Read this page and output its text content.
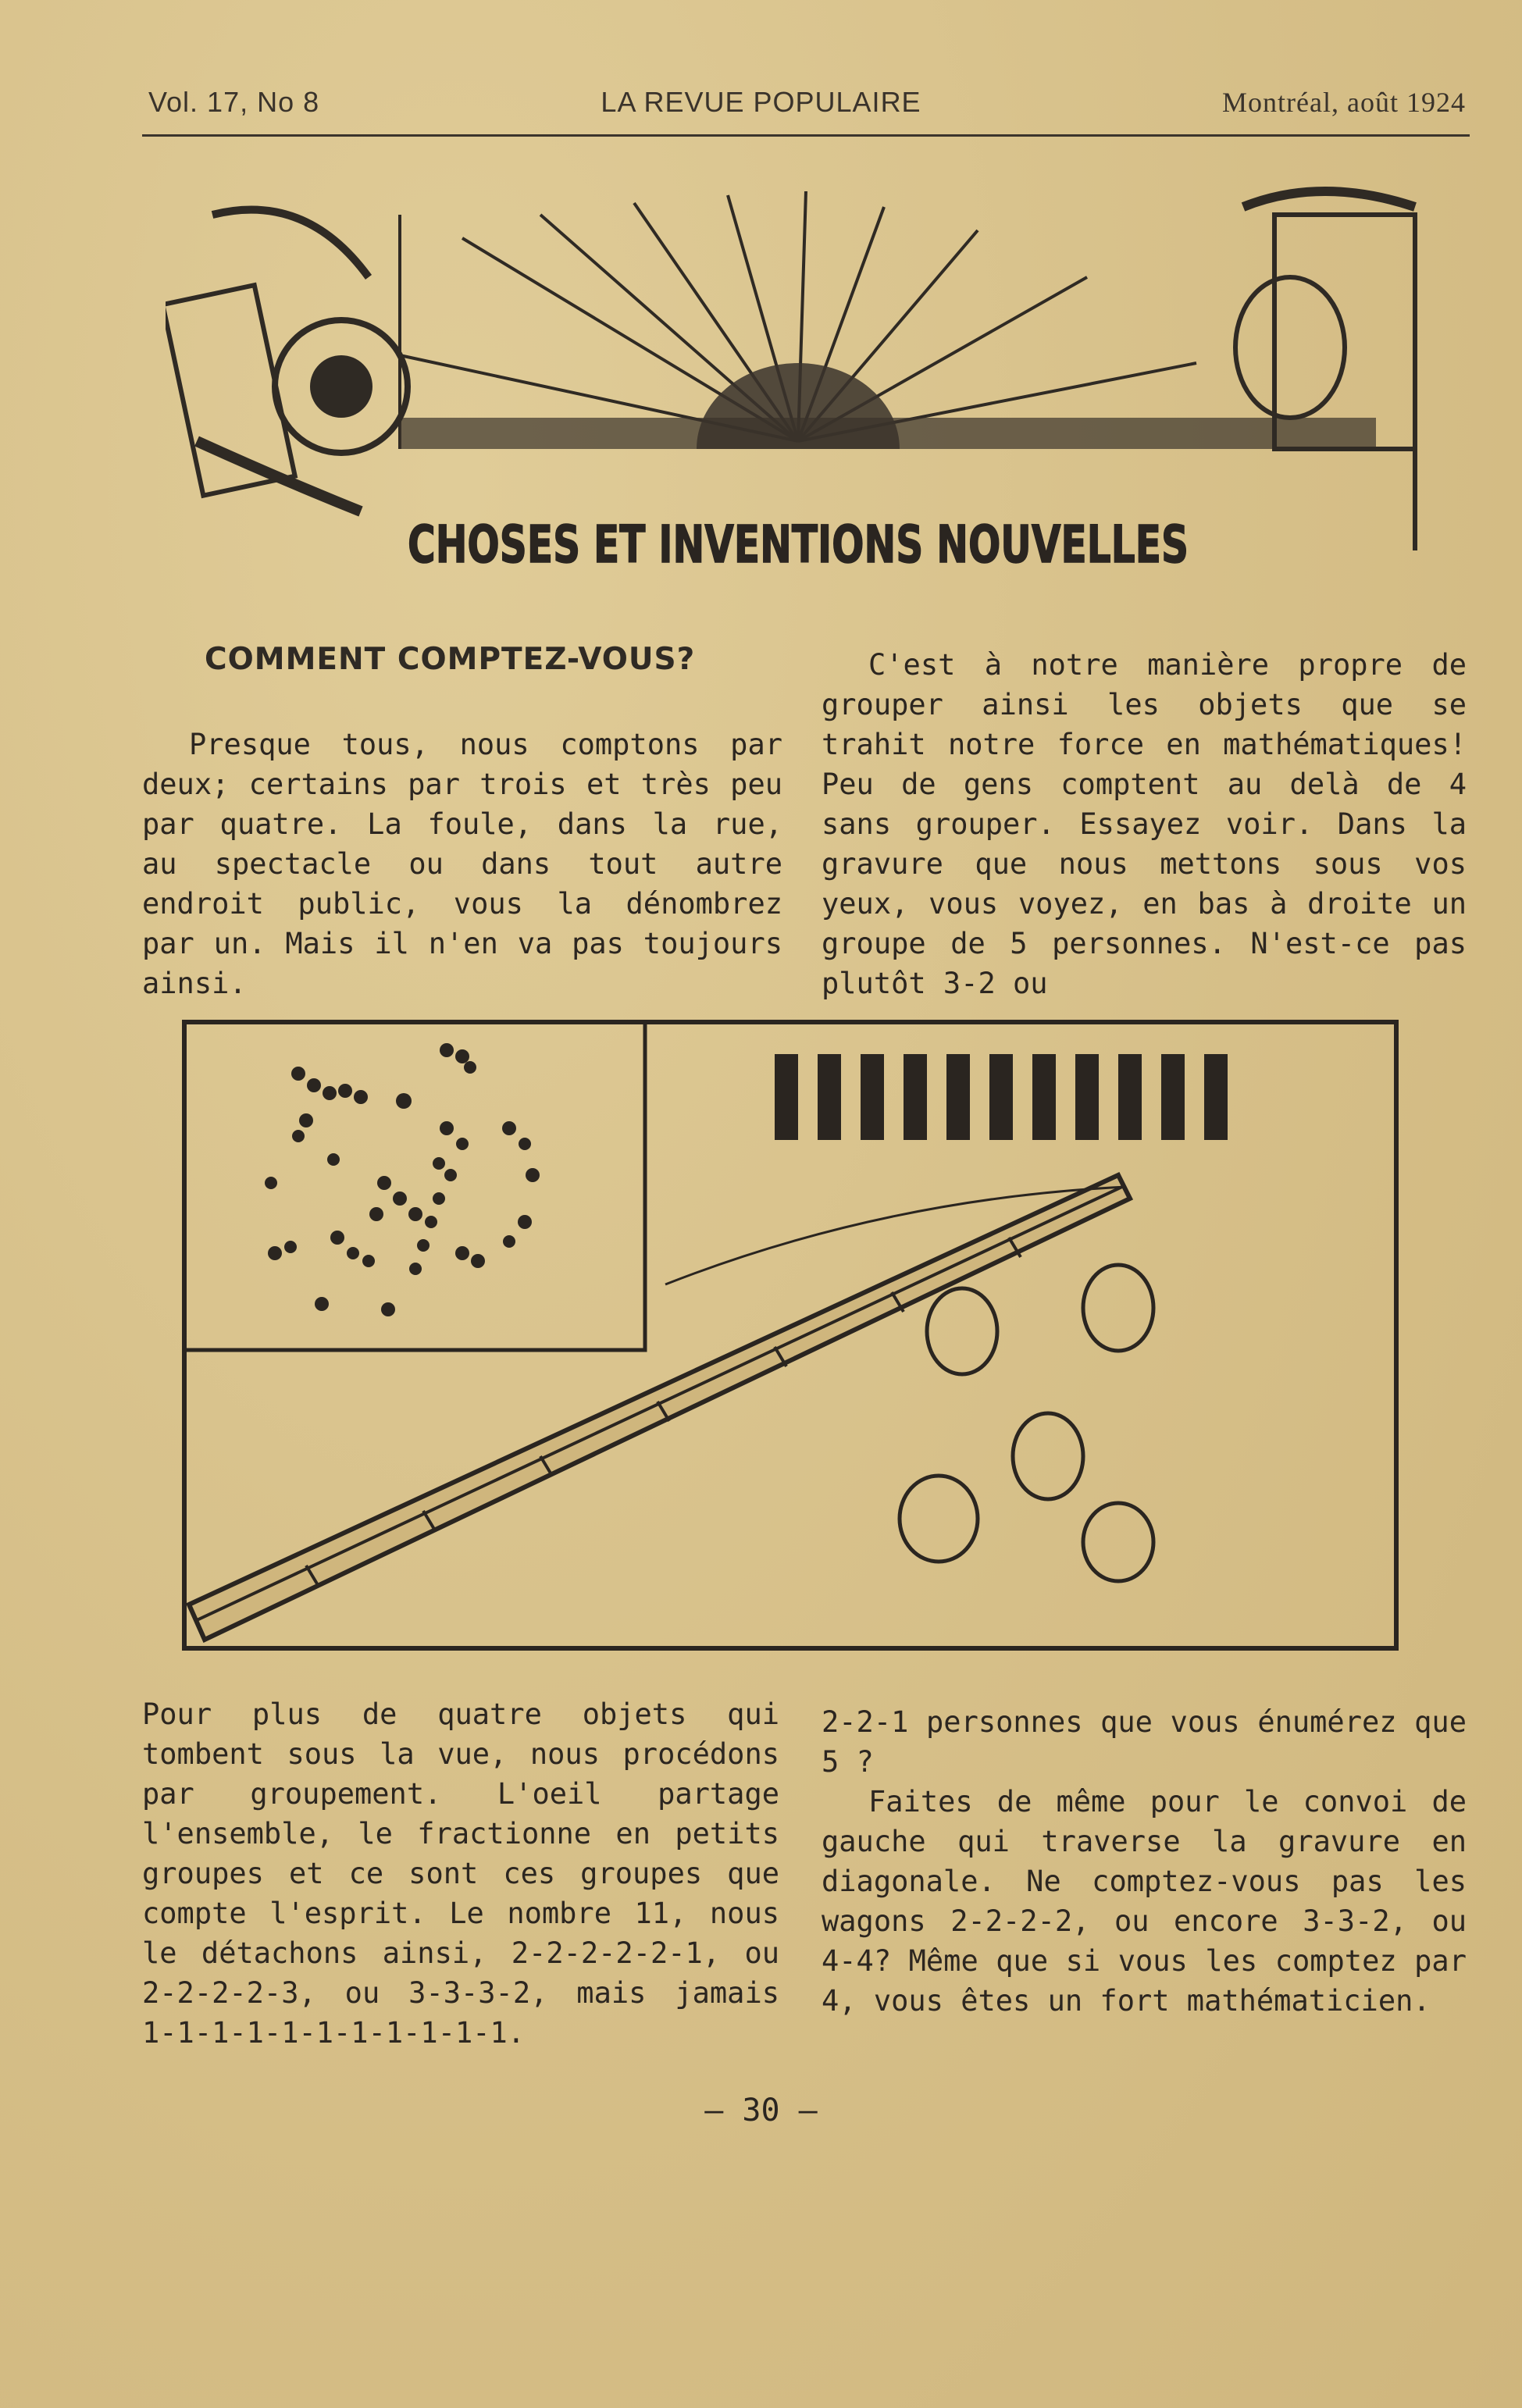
Vol. 17, No 8	LA REVUE POPULAIRE	Montréal, août 1924
CHOSES ET INVENTIONS NOUVELLES
COMMENT COMPTEZ-VOUS?

Presque tous, nous comptons par deux; certains par trois et très peu par quatre. La foule, dans la rue, au spectacle ou dans tout autre endroit public, vous la dénombrez par un. Mais il n'en va pas toujours ainsi.

C'est à notre manière propre de grouper ainsi les objets que se trahit notre force en mathématiques! Peu de gens comptent au delà de 4 sans grouper. Essayez voir. Dans la gravure que nous mettons sous vos yeux, vous voyez, en bas à droite un groupe de 5 personnes. N'est-ce pas plutôt 3-2 ou

Pour plus de quatre objets qui tombent sous la vue, nous procédons par groupement. L'oeil partage l'ensemble, le fractionne en petits groupes et ce sont ces groupes que compte l'esprit. Le nombre 11, nous le détachons ainsi, 2-2-2-2-2-1, ou 2-2-2-2-3, ou 3-3-3-2, mais jamais 1-1-1-1-1-1-1-1-1-1-1.

2-2-1 personnes que vous énumérez que 5 ?

Faites de même pour le convoi de gauche qui traverse la gravure en diagonale. Ne comptez-vous pas les wagons 2-2-2-2, ou encore 3-3-2, ou 4-4? Même que si vous les comptez par 4, vous êtes un fort mathématicien.

— 30 —
